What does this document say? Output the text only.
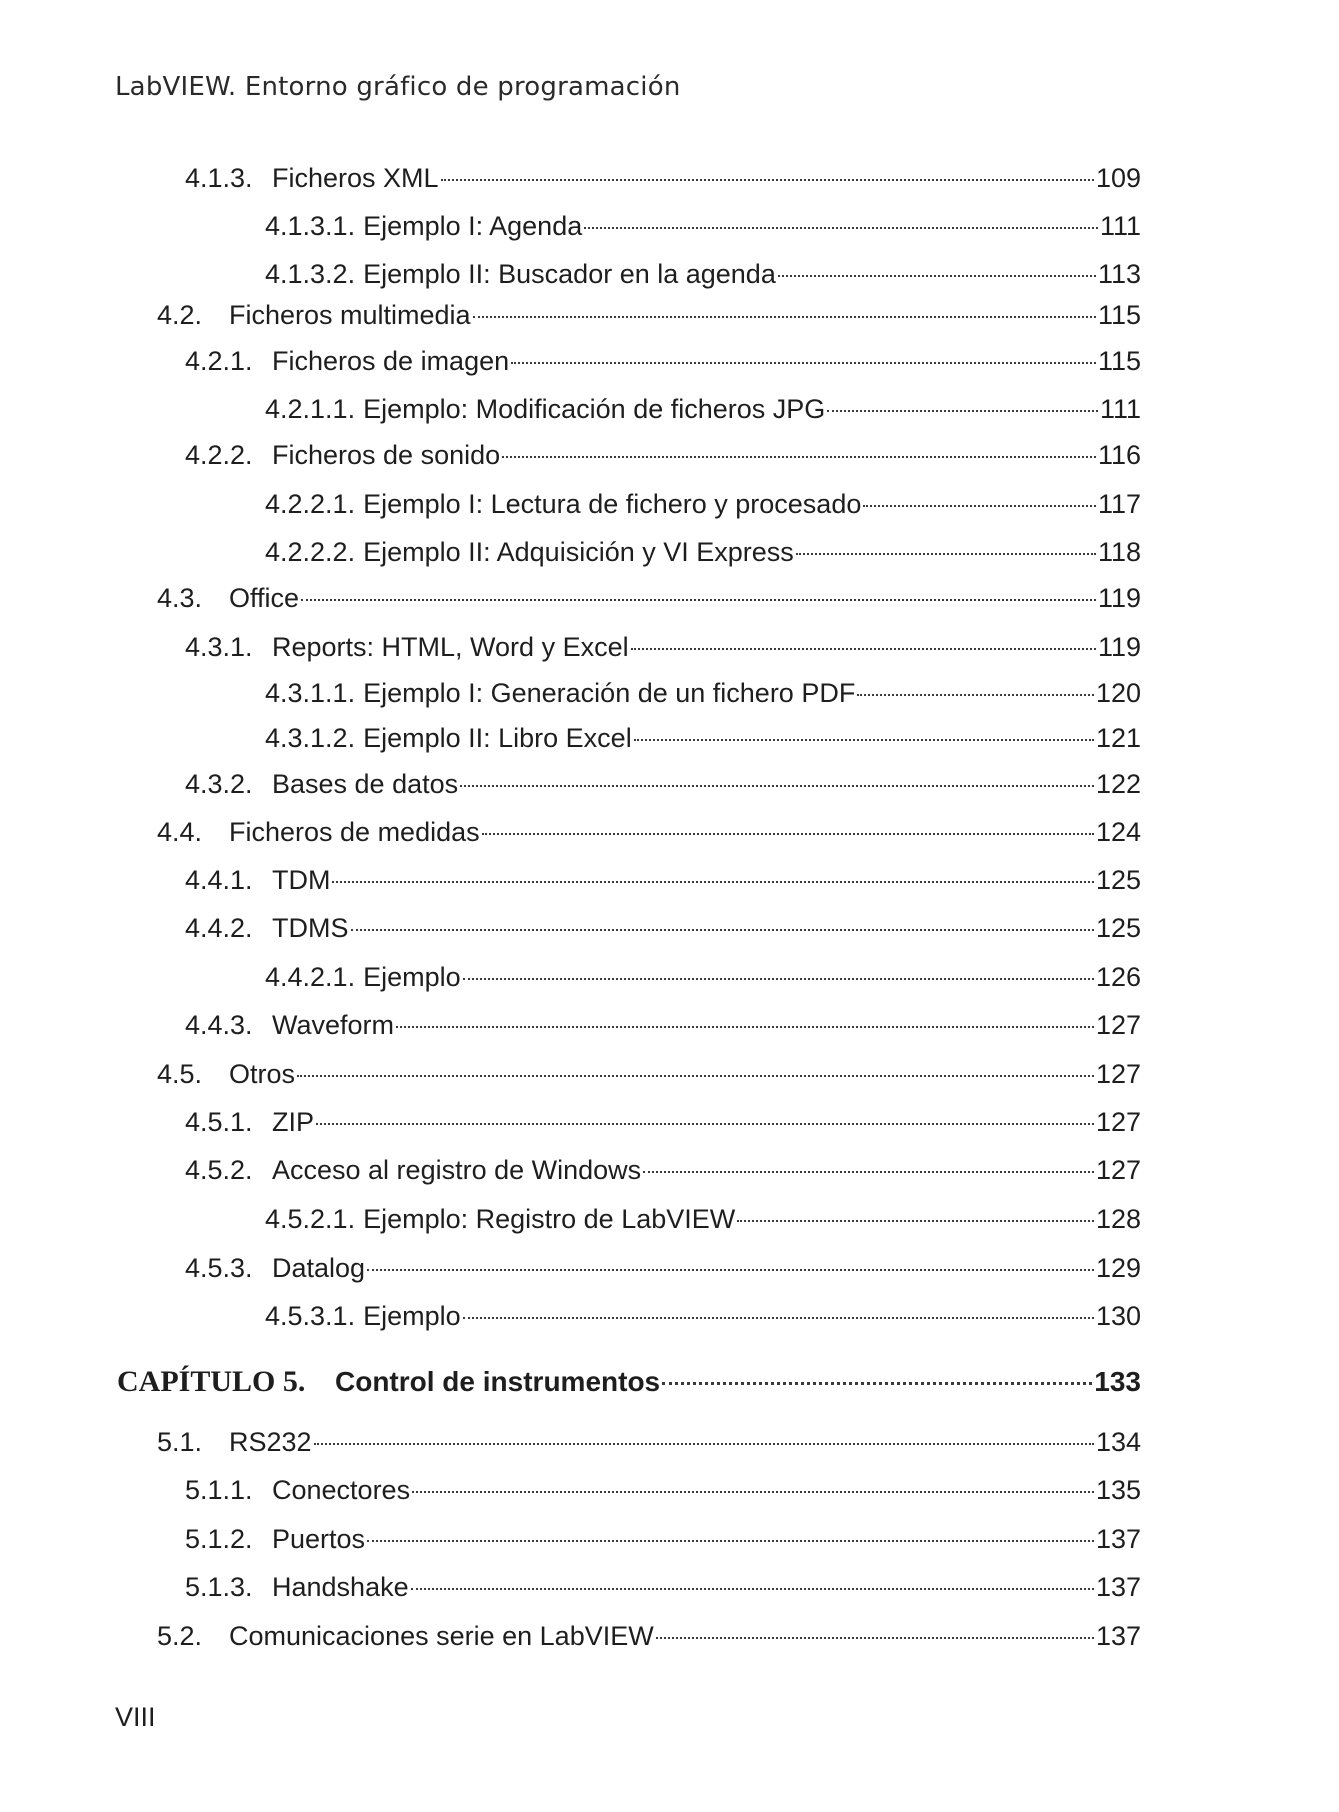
LabVIEW. Entorno gráfico de programación
4.1.3. Ficheros XML	109
4.1.3.1. Ejemplo I: Agenda	111
4.1.3.2. Ejemplo II: Buscador en la agenda	113
4.2. Ficheros multimedia	115
4.2.1. Ficheros de imagen	115
4.2.1.1. Ejemplo: Modificación de ficheros JPG	111
4.2.2. Ficheros de sonido	116
4.2.2.1. Ejemplo I: Lectura de fichero y procesado	117
4.2.2.2. Ejemplo II: Adquisición y VI Express	118
4.3. Office	119
4.3.1. Reports: HTML, Word y Excel	119
4.3.1.1. Ejemplo I: Generación de un fichero PDF	120
4.3.1.2. Ejemplo II: Libro Excel	121
4.3.2. Bases de datos	122
4.4. Ficheros de medidas	124
4.4.1. TDM	125
4.4.2. TDMS	125
4.4.2.1. Ejemplo	126
4.4.3. Waveform	127
4.5. Otros	127
4.5.1. ZIP	127
4.5.2. Acceso al registro de Windows	127
4.5.2.1. Ejemplo: Registro de LabVIEW	128
4.5.3. Datalog	129
4.5.3.1. Ejemplo	130
CAPÍTULO 5.	Control de instrumentos	133
5.1. RS232	134
5.1.1. Conectores	135
5.1.2. Puertos	137
5.1.3. Handshake	137
5.2. Comunicaciones serie en LabVIEW	137
VIII
